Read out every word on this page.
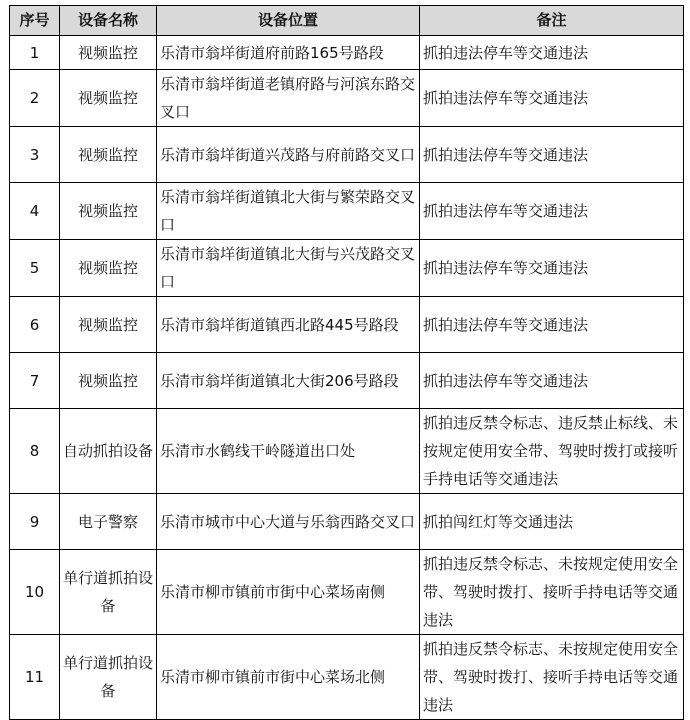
序号	设备名称	设备位置	备注
1	视频监控	乐清市翁垟街道府前路165号路段	抓拍违法停车等交通违法
2	视频监控	乐清市翁垟街道老镇府路与河滨东路交叉口	抓拍违法停车等交通违法
3	视频监控	乐清市翁垟街道兴茂路与府前路交叉口	抓拍违法停车等交通违法
4	视频监控	乐清市翁垟街道镇北大街与繁荣路交叉口	抓拍违法停车等交通违法
5	视频监控	乐清市翁垟街道镇北大街与兴茂路交叉口	抓拍违法停车等交通违法
6	视频监控	乐清市翁垟街道镇西北路445号路段	抓拍违法停车等交通违法
7	视频监控	乐清市翁垟街道镇北大街206号路段	抓拍违法停车等交通违法
8	自动抓拍设备	乐清市水鹤线干岭隧道出口处	抓拍违反禁令标志、违反禁止标线、未按规定使用安全带、驾驶时拨打或接听手持电话等交通违法
9	电子警察	乐清市城市中心大道与乐翁西路交叉口	抓拍闯红灯等交通违法
10	单行道抓拍设备	乐清市柳市镇前市街中心菜场南侧	抓拍违反禁令标志、未按规定使用安全带、驾驶时拨打、接听手持电话等交通违法
11	单行道抓拍设备	乐清市柳市镇前市街中心菜场北侧	抓拍违反禁令标志、未按规定使用安全带、驾驶时拨打、接听手持电话等交通违法
